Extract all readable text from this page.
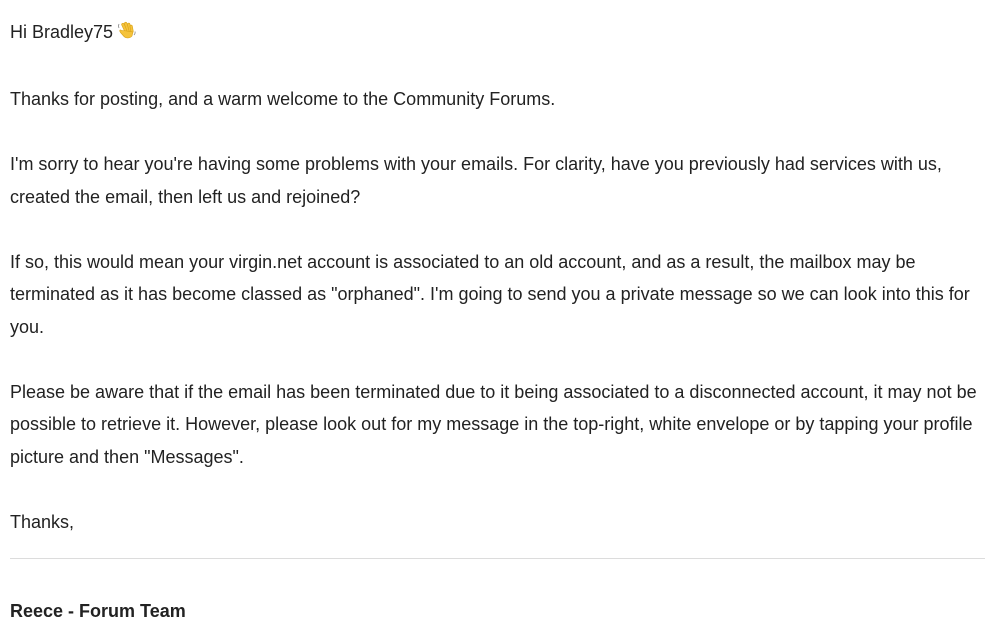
Hi Bradley75

Thanks for posting, and a warm welcome to the Community Forums.

I'm sorry to hear you're having some problems with your emails. For clarity, have you previously had services with us, created the email, then left us and rejoined?

If so, this would mean your virgin.net account is associated to an old account, and as a result, the mailbox may be terminated as it has become classed as "orphaned". I'm going to send you a private message so we can look into this for you.

Please be aware that if the email has been terminated due to it being associated to a disconnected account, it may not be possible to retrieve it. However, please look out for my message in the top-right, white envelope or by tapping your profile picture and then "Messages".

Thanks,

Reece - Forum Team
